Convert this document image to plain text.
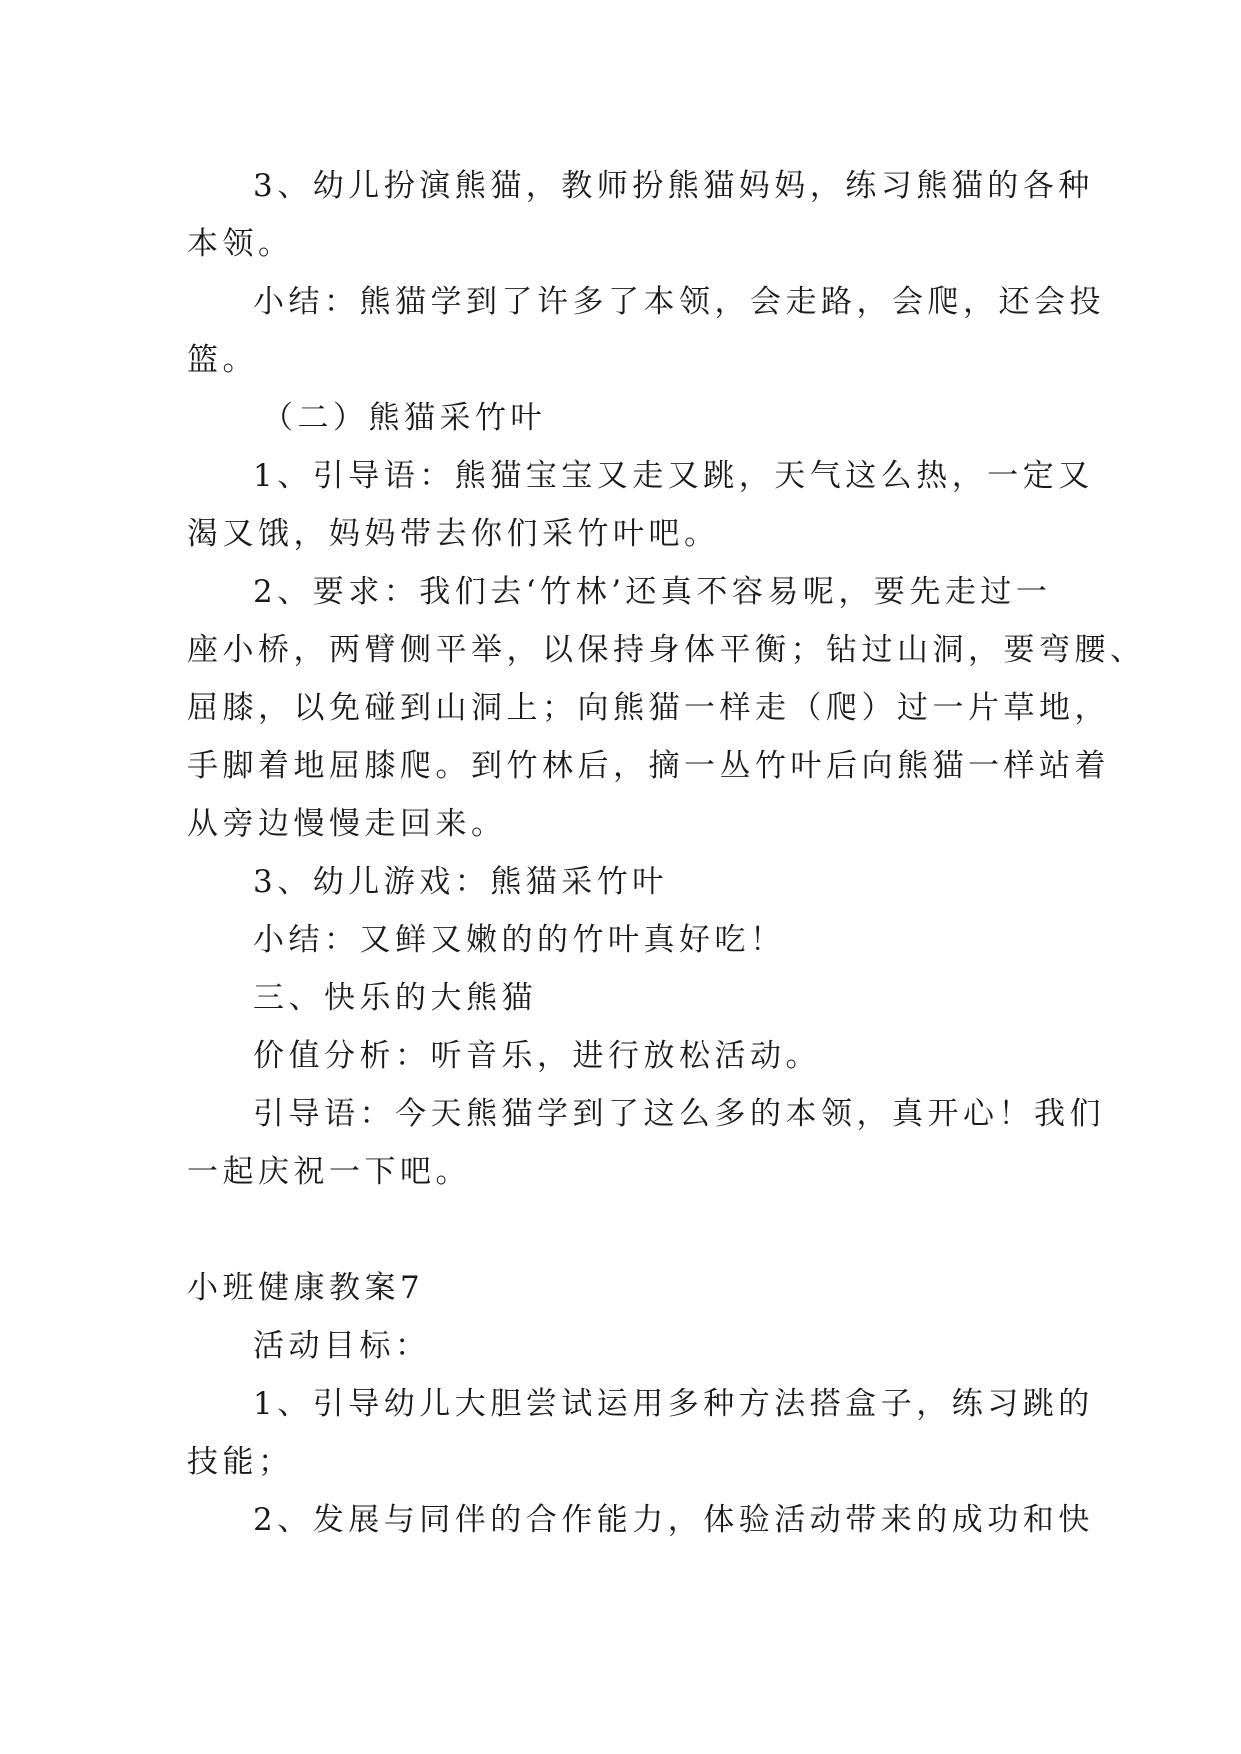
3、幼儿扮演熊猫，教师扮熊猫妈妈，练习熊猫的各种
本领。
小结：熊猫学到了许多了本领，会走路，会爬，还会投
篮。
（二）熊猫采竹叶
1、引导语：熊猫宝宝又走又跳，天气这么热，一定又
渴又饿，妈妈带去你们采竹叶吧。
2、要求：我们去‘竹林’还真不容易呢，要先走过一
座小桥，两臂侧平举，以保持身体平衡；钻过山洞，要弯腰、
屈膝，以免碰到山洞上；向熊猫一样走（爬）过一片草地，
手脚着地屈膝爬。到竹林后，摘一丛竹叶后向熊猫一样站着
从旁边慢慢走回来。
3、幼儿游戏：熊猫采竹叶
小结：又鲜又嫩的的竹叶真好吃！
三、快乐的大熊猫
价值分析：听音乐，进行放松活动。
引导语：今天熊猫学到了这么多的本领，真开心！我们
一起庆祝一下吧。
小班健康教案7
活动目标：
1、引导幼儿大胆尝试运用多种方法搭盒子，练习跳的
技能；
2、发展与同伴的合作能力，体验活动带来的成功和快
